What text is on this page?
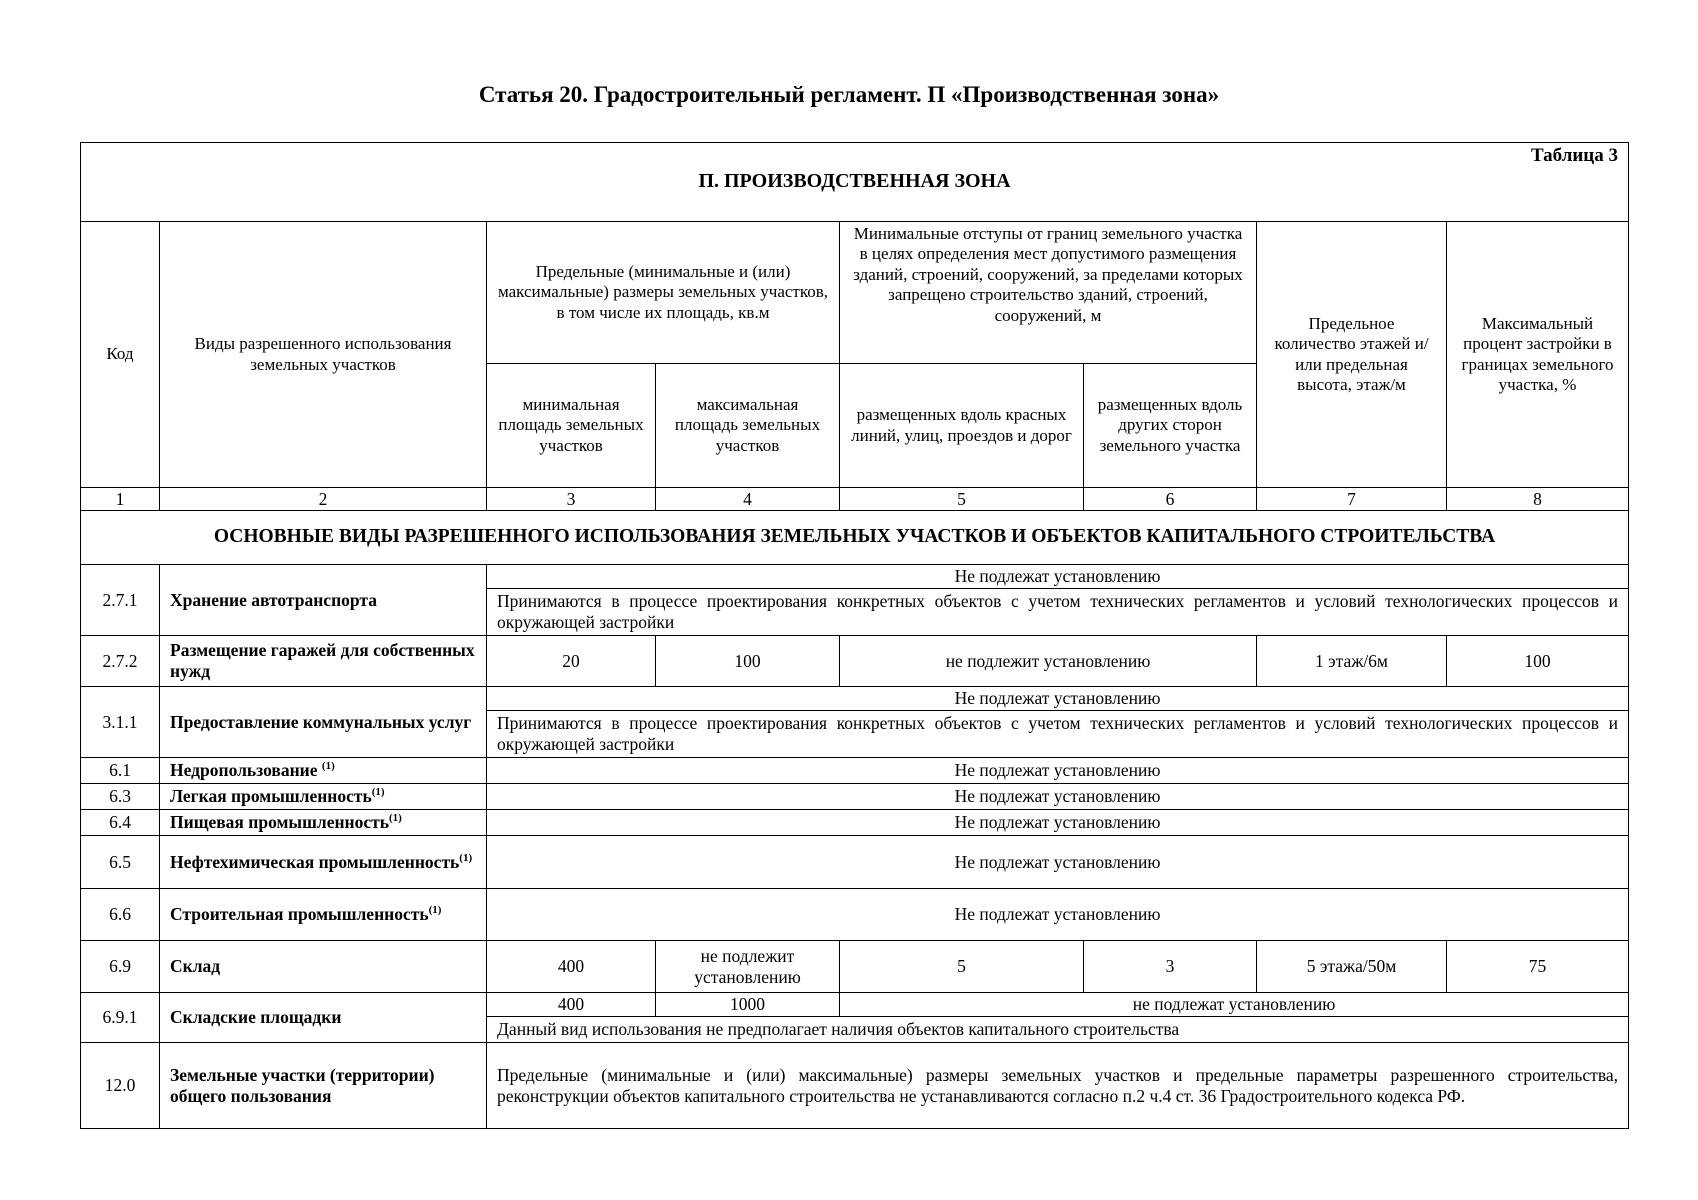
Статья 20. Градостроительный регламент. П «Производственная зона»
Таблица 3
П. ПРОИЗВОДСТВЕННАЯ ЗОНА							

Код	Виды разрешенного использования земельных участков	Предельные (минимальные и (или) максимальные) размеры земельных участков, в том числе их площадь, кв.м		Минимальные отступы от границ земельного участка в целях определения мест допустимого размещения зданий, строений, сооружений, за пределами которых запрещено строительство зданий, строений, сооружений, м		Предельное количество этажей и/или предельная высота, этаж/м	Максимальный процент застройки в границах земельного участка, %
		минимальная площадь земельных участков	максимальная площадь земельных участков	размещенных вдоль красных линий, улиц, проездов и дорог	размещенных вдоль других сторон земельного участка		
1	2	3	4	5	6	7	8
ОСНОВНЫЕ ВИДЫ РАЗРЕШЕННОГО ИСПОЛЬЗОВАНИЯ ЗЕМЕЛЬНЫХ УЧАСТКОВ И ОБЪЕКТОВ КАПИТАЛЬНОГО СТРОИТЕЛЬСТВА							
2.7.1	Хранение автотранспорта	Не подлежат установлению					
		Принимаются в процессе проектирования конкретных объектов с учетом технических регламентов и условий технологических процессов и окружающей застройки					
2.7.2	Размещение гаражей для собственных нужд	20	100	не подлежит установлению		1 этаж/6м	100
3.1.1	Предоставление коммунальных услуг	Не подлежат установлению					
		Принимаются в процессе проектирования конкретных объектов с учетом технических регламентов и условий технологических процессов и окружающей застройки					
6.1	Недропользование $^{(1)}$	Не подлежат установлению					
6.3	Легкая промышленность$^{(1)}$	Не подлежат установлению					
6.4	Пищевая промышленность$^{(1)}$	Не подлежат установлению					
6.5	Нефтехимическая промышленность$^{(1)}$	Не подлежат установлению					
6.6	Строительная промышленность$^{(1)}$	Не подлежат установлению					
6.9	Склад	400	не подлежит установлению	5	3	5 этажа/50м	75
6.9.1	Складские площадки	400	1000	не подлежат установлению			
		Данный вид использования не предполагает наличия объектов капитального строительства					
12.0	Земельные участки (территории) общего пользования	Предельные (минимальные и (или) максимальные) размеры земельных участков и предельные параметры разрешенного строительства, реконструкции объектов капитального строительства не устанавливаются согласно п.2 ч.4 ст. 36 Градостроительного кодекса РФ.					
